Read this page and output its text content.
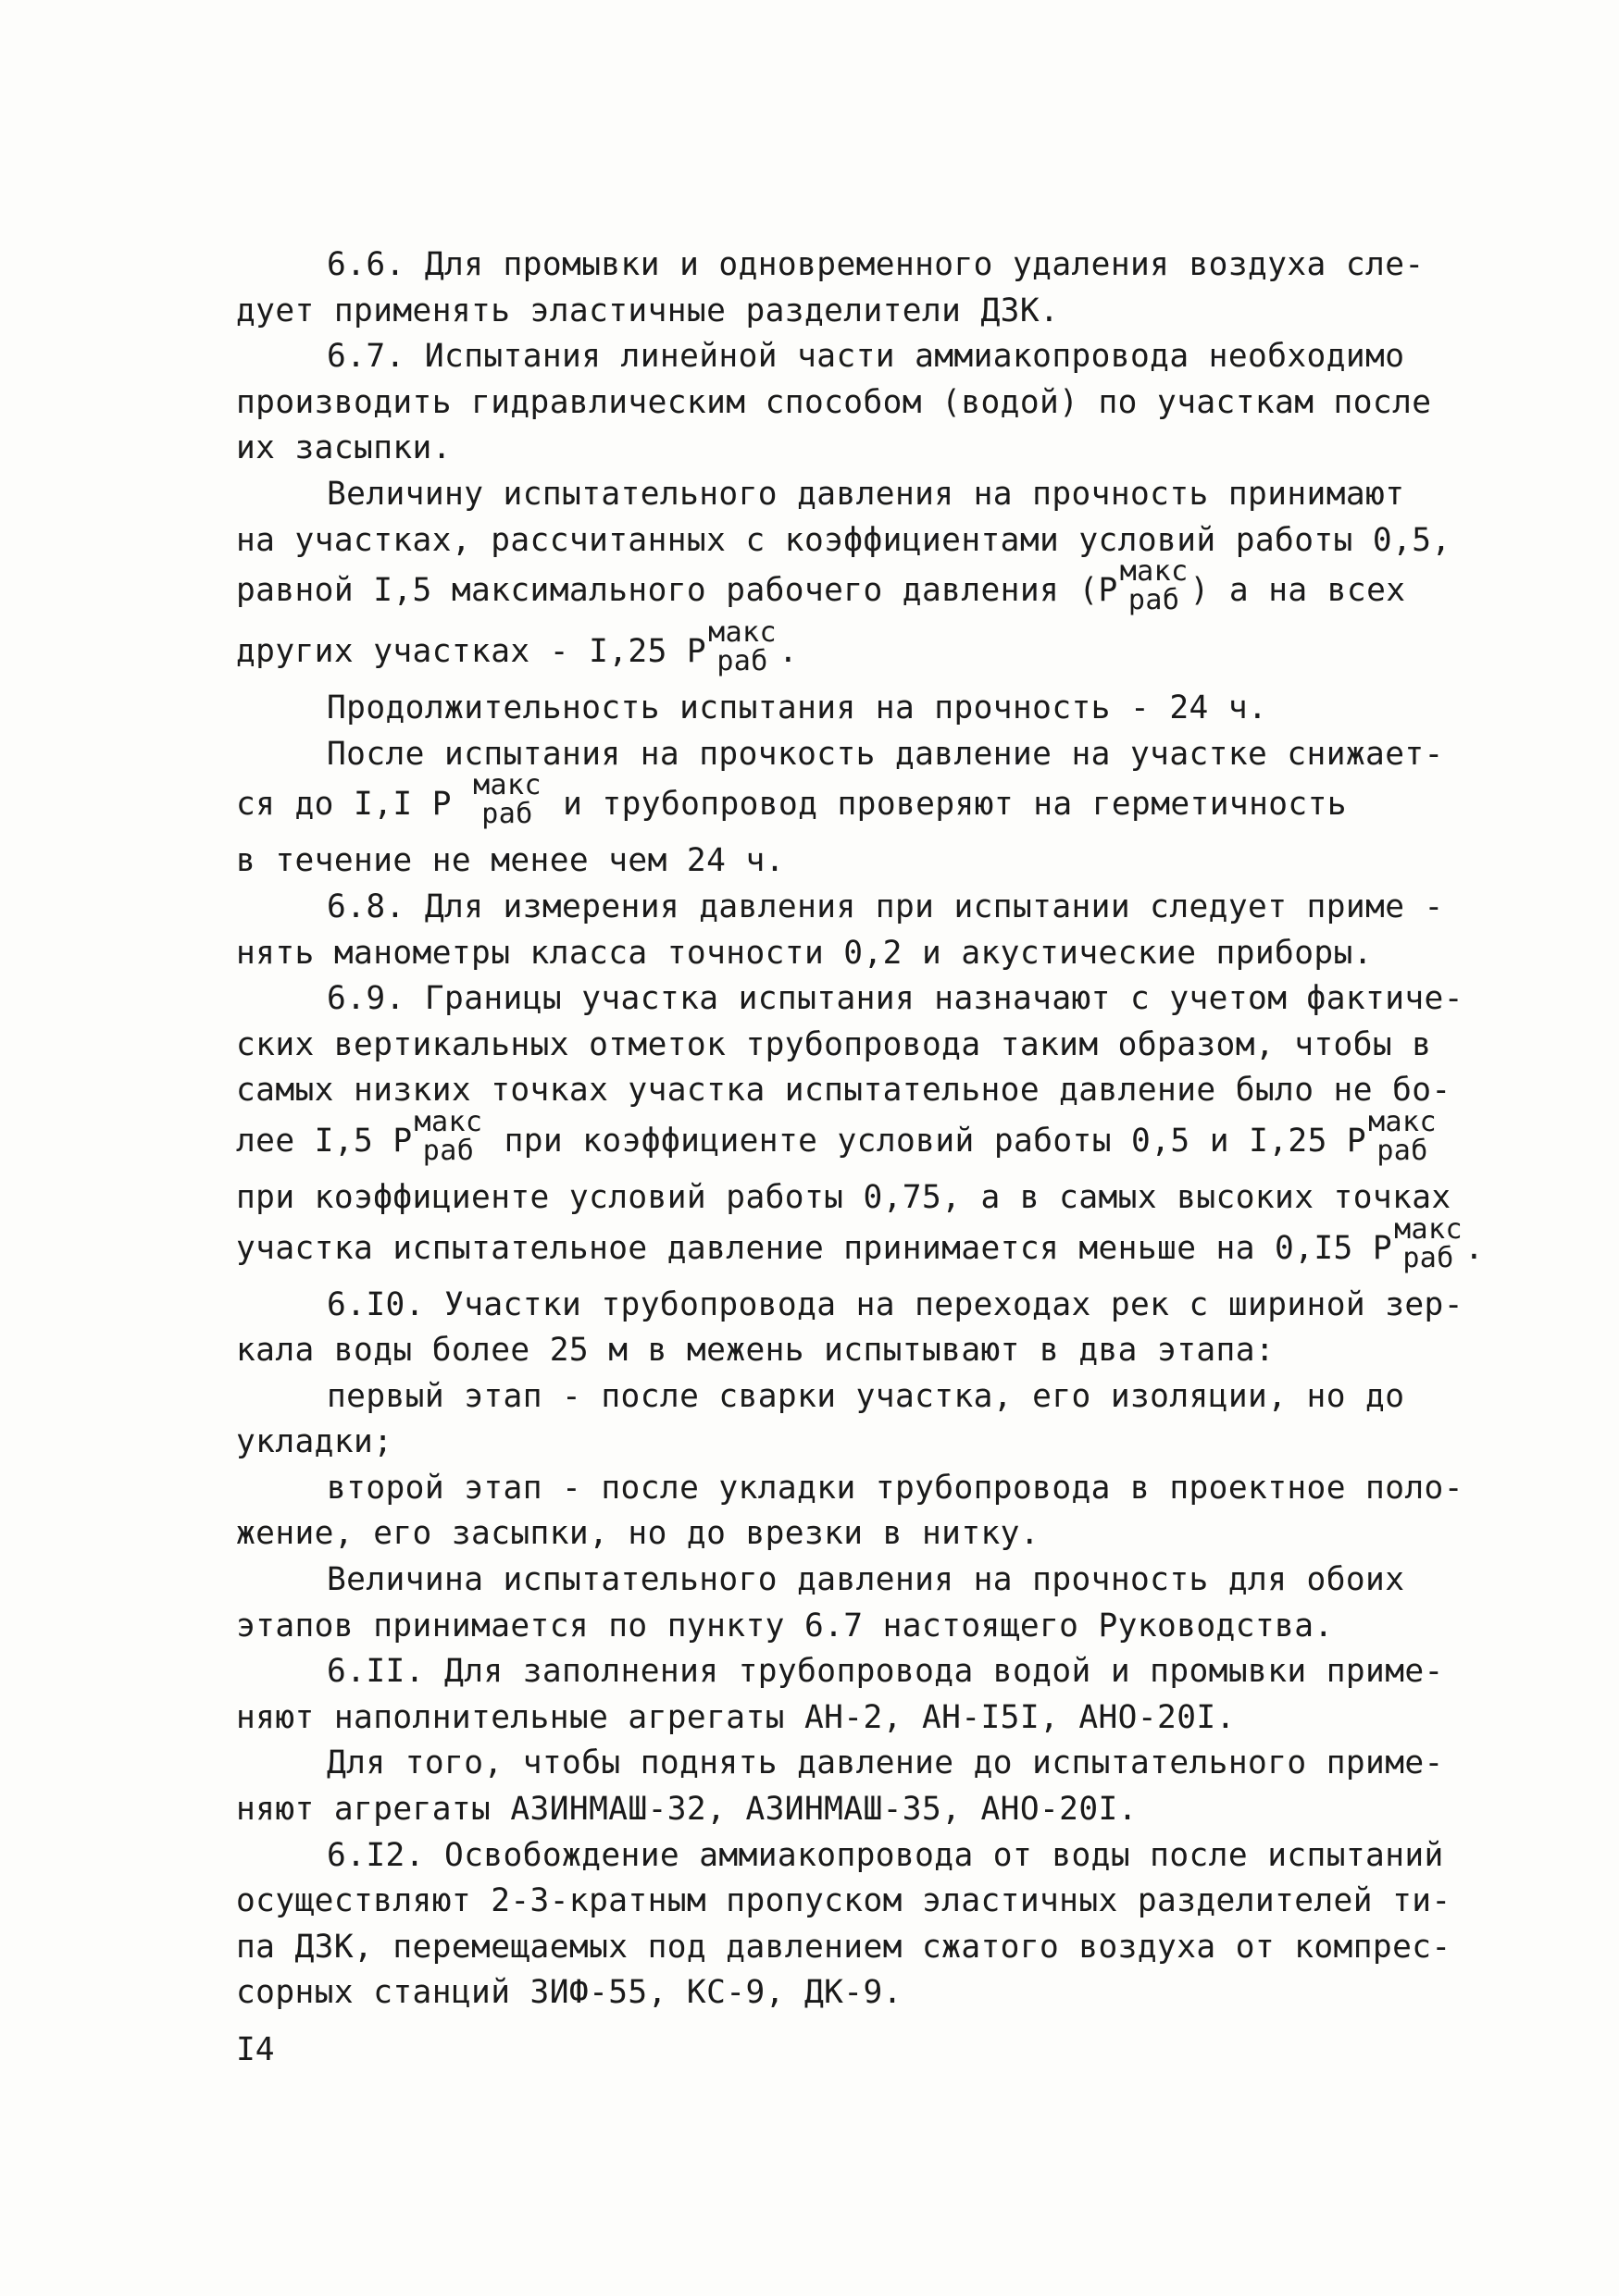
6.6. Для промывки и одновременного удаления воздуха сле-
дует применять эластичные разделители ДЗК.
6.7. Испытания линейной части аммиакопровода необходимо
производить гидравлическим способом (водой) по участкам после
их засыпки.
Величину испытательного давления на прочность принимают
на участках, рассчитанных с коэффициентами условий работы 0,5,
равной I,5 максимального рабочего давления (Р
макс
раб ) а на всех
других участках - I,25 Р
макс
раб .
Продолжительность испытания на прочность - 24 ч.
После испытания на прочкость давление на участке снижает-
ся до I,I Р
макс
раб и трубопровод проверяют на герметичность
в течение не менее чем 24 ч.
6.8. Для измерения давления при испытании следует приме -
нять манометры класса точности 0,2 и акустические приборы.
6.9. Границы участка испытания назначают с учетом фактиче-
ских вертикальных отметок трубопровода таким образом, чтобы в
самых низких точках участка испытательное давление было не бо-
лее I,5 Р
макс
раб при коэффициенте условий работы 0,5 и I,25 Р
макс
раб
при коэффициенте условий работы 0,75, а в самых высоких точках
участка испытательное давление принимается меньше на 0,I5 Р
макс
раб .
6.I0. Участки трубопровода на переходах рек с шириной зер-
кала воды более 25 м в межень испытывают в два этапа:
первый этап - после сварки участка, его изоляции, но до
укладки;
второй этап - после укладки трубопровода в проектное поло-
жение, его засыпки, но до врезки в нитку.
Величина испытательного давления на прочность для обоих
этапов принимается по пункту 6.7 настоящего Руководства.
6.II. Для заполнения трубопровода водой и промывки приме-
няют наполнительные агрегаты АН-2, АН-I5I, АНО-20I.
Для того, чтобы поднять давление до испытательного приме-
няют агрегаты АЗИНМАШ-32, АЗИНМАШ-35, АНО-20I.
6.I2. Освобождение аммиакопровода от воды после испытаний
осуществляют 2-3-кратным пропуском эластичных разделителей ти-
па ДЗК, перемещаемых под давлением сжатого воздуха от компрес-
сорных станций ЗИФ-55, КС-9, ДК-9.
I4
